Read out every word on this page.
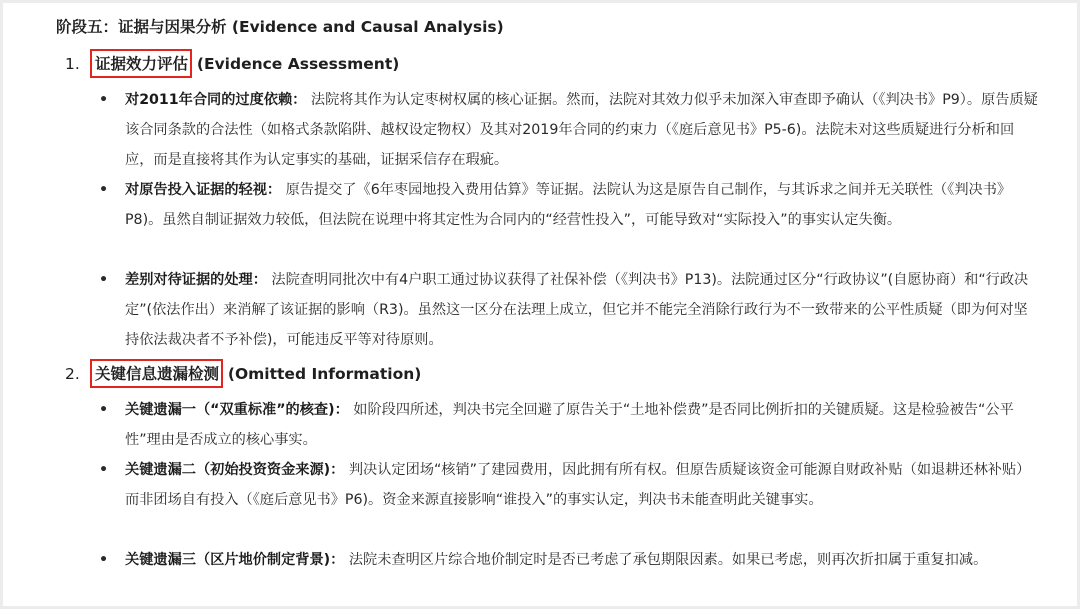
阶段五：证据与因果分析 (Evidence and Causal Analysis)
1. 证据效力评估 (Evidence Assessment)
• 对2011年合同的过度依赖： 法院将其作为认定枣树权属的核心证据。然而，法院对其效力似乎未加深入审查即予确认（《判决书》P9）。原告质疑该合同条款的合法性（如格式条款陷阱、越权设定物权）及其对2019年合同的约束力（《庭后意见书》P5-6)。法院未对这些质疑进行分析和回应，而是直接将其作为认定事实的基础，证据采信存在瑕疵。
• 对原告投入证据的轻视： 原告提交了《6年枣园地投入费用估算》等证据。法院认为这是原告自己制作，与其诉求之间并无关联性（《判决书》P8)。虽然自制证据效力较低，但法院在说理中将其定性为合同内的“经营性投入”，可能导致对“实际投入”的事实认定失衡。
• 差别对待证据的处理： 法院查明同批次中有4户职工通过协议获得了社保补偿（《判决书》P13)。法院通过区分“行政协议”(自愿协商）和“行政决定”(依法作出）来消解了该证据的影响（R3)。虽然这一区分在法理上成立，但它并不能完全消除行政行为不一致带来的公平性质疑（即为何对坚持依法裁决者不予补偿)，可能违反平等对待原则。
2. 关键信息遗漏检测 (Omitted Information)
• 关键遗漏一（“双重标准”的核查)： 如阶段四所述，判决书完全回避了原告关于“土地补偿费”是否同比例折扣的关键质疑。这是检验被告“公平性”理由是否成立的核心事实。
• 关键遗漏二（初始投资资金来源)： 判决认定团场“核销”了建园费用，因此拥有所有权。但原告质疑该资金可能源自财政补贴（如退耕还林补贴）而非团场自有投入（《庭后意见书》P6)。资金来源直接影响“谁投入”的事实认定，判决书未能查明此关键事实。
• 关键遗漏三（区片地价制定背景)： 法院未查明区片综合地价制定时是否已考虑了承包期限因素。如果已考虑，则再次折扣属于重复扣减。
